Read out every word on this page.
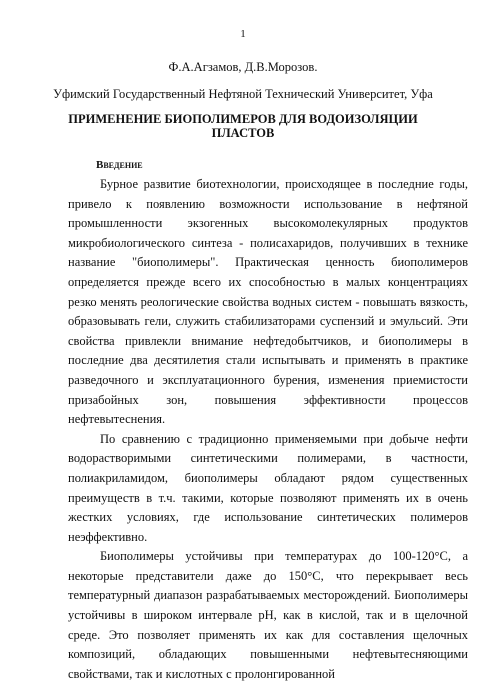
1
Ф.А.Агзамов, Д.В.Морозов.
Уфимский Государственный Нефтяной Технический Университет, Уфа
ПРИМЕНЕНИЕ БИОПОЛИМЕРОВ ДЛЯ ВОДОИЗОЛЯЦИИ ПЛАСТОВ
Введение

Бурное развитие биотехнологии, происходящее в последние годы, привело к появлению возможности использование в нефтяной промышленности экзогенных высокомолекулярных продуктов микробиологического синтеза - полисахаридов, получивших в технике название "биополимеры". Практическая ценность биополимеров определяется прежде всего их способностью в малых концентрациях резко менять реологические свойства водных систем - повышать вязкость, образовывать гели, служить стабилизаторами суспензий и эмульсий. Эти свойства привлекли внимание нефтедобытчиков, и биополимеры в последние два десятилетия стали испытывать и применять в практике разведочного и эксплуатационного бурения, изменения приемистости призабойных зон, повышения эффективности процессов нефтевытеснения.

По сравнению с традиционно применяемыми при добыче нефти водорастворимыми синтетическими полимерами, в частности, полиакриламидом, биополимеры обладают рядом существенных преимуществ в т.ч. такими, которые позволяют применять их в очень жестких условиях, где использование синтетических полимеров неэффективно.

Биополимеры устойчивы при температурах до 100-120°С, а некоторые представители даже до 150°С, что перекрывает весь температурный диапазон разрабатываемых месторождений. Биополимеры устойчивы в широком интервале pH, как в кислой, так и в щелочной среде. Это позволяет применять их как для составления щелочных композиций, обладающих повышенными нефтевытесняющими свойствами, так и кислотных с пролонгированной
